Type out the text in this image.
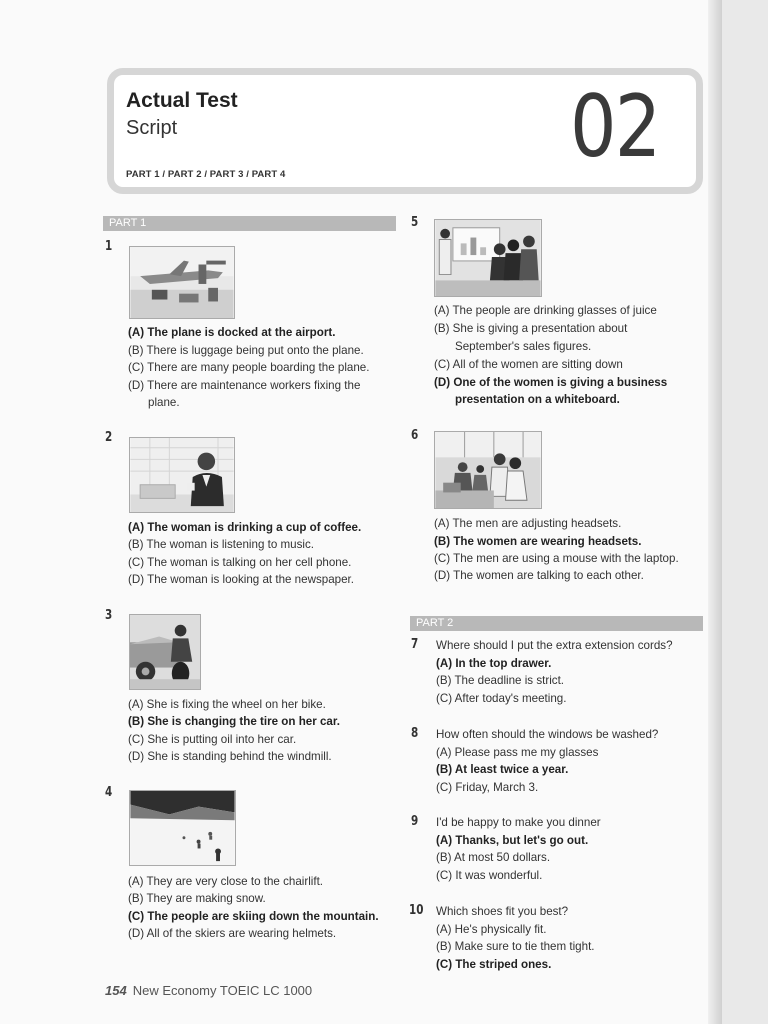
Actual Test
Script
PART 1 / PART 2 / PART 3 / PART 4	02
PART 1
1
(A) The plane is docked at the airport.
(B) There is luggage being put onto the plane.
(C) There are many people boarding the plane.
(D) There are maintenance workers fixing the
plane.
2
(A) The woman is drinking a cup of coffee.
(B) The woman is listening to music.
(C) The woman is talking on her cell phone.
(D) The woman is looking at the newspaper.
3
(A) She is fixing the wheel on her bike.
(B) She is changing the tire on her car.
(C) She is putting oil into her car.
(D) She is standing behind the windmill.
4
(A) They are very close to the chairlift.
(B) They are making snow.
(C) The people are skiing down the mountain.
(D) All of the skiers are wearing helmets.
5
(A) The people are drinking glasses of juice
(B) She is giving a presentation about
September's sales figures.
(C) All of the women are sitting down
(D) One of the women is giving a business
presentation on a whiteboard.
6
(A) The men are adjusting headsets.
(B) The women are wearing headsets.
(C) The men are using a mouse with the laptop.
(D) The women are talking to each other.
PART 2
7 Where should I put the extra extension cords?
(A) In the top drawer.
(B) The deadline is strict.
(C) After today's meeting.
8 How often should the windows be washed?
(A) Please pass me my glasses
(B) At least twice a year.
(C) Friday, March 3.
9 I'd be happy to make you dinner
(A) Thanks, but let's go out.
(B) At most 50 dollars.
(C) It was wonderful.
10 Which shoes fit you best?
(A) He's physically fit.
(B) Make sure to tie them tight.
(C) The striped ones.
154 New Economy TOEIC LC 1000
